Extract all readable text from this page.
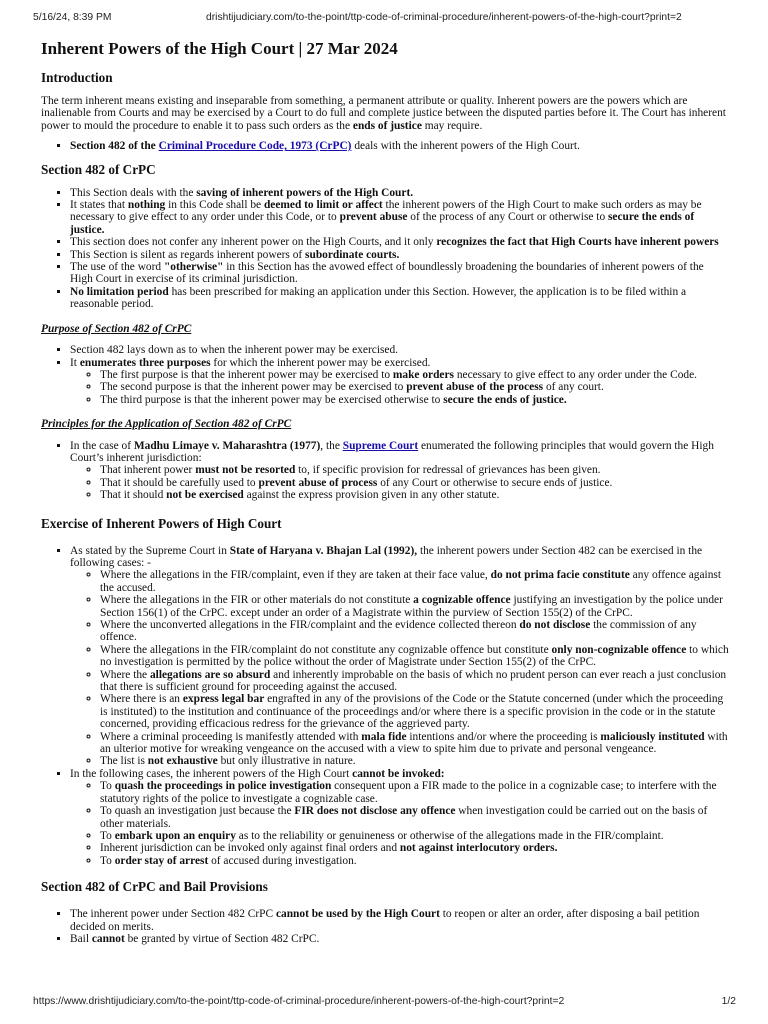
5/16/24, 8:39 PM	drishtijudiciary.com/to-the-point/ttp-code-of-criminal-procedure/inherent-powers-of-the-high-court?print=2
Inherent Powers of the High Court | 27 Mar 2024
Introduction

The term inherent means existing and inseparable from something, a permanent attribute or quality. Inherent powers are the powers which are inalienable from Courts and may be exercised by a Court to do full and complete justice between the disputed parties before it. The Court has inherent power to mould the procedure to enable it to pass such orders as the ends of justice may require.

▪ Section 482 of the Criminal Procedure Code, 1973 (CrPC) deals with the inherent powers of the High Court.
Section 482 of CrPC
▪ This Section deals with the saving of inherent powers of the High Court.
▪ It states that nothing in this Code shall be deemed to limit or affect the inherent powers of the High Court to make such orders as may be necessary to give effect to any order under this Code, or to prevent abuse of the process of any Court or otherwise to secure the ends of justice.
▪ This section does not confer any inherent power on the High Courts, and it only recognizes the fact that High Courts have inherent powers
▪ This Section is silent as regards inherent powers of subordinate courts.
▪ The use of the word "otherwise" in this Section has the avowed effect of boundlessly broadening the boundaries of inherent powers of the High Court in exercise of its criminal jurisdiction.
▪ No limitation period has been prescribed for making an application under this Section. However, the application is to be filed within a reasonable period.
Purpose of Section 482 of CrPC
▪ Section 482 lays down as to when the inherent power may be exercised.
▪ It enumerates three purposes for which the inherent power may be exercised.
◦ The first purpose is that the inherent power may be exercised to make orders necessary to give effect to any order under the Code.
◦ The second purpose is that the inherent power may be exercised to prevent abuse of the process of any court.
◦ The third purpose is that the inherent power may be exercised otherwise to secure the ends of justice.
Principles for the Application of Section 482 of CrPC
▪ In the case of Madhu Limaye v. Maharashtra (1977), the Supreme Court enumerated the following principles that would govern the High Court’s inherent jurisdiction:
◦ That inherent power must not be resorted to, if specific provision for redressal of grievances has been given.
◦ That it should be carefully used to prevent abuse of process of any Court or otherwise to secure ends of justice.
◦ That it should not be exercised against the express provision given in any other statute.
Exercise of Inherent Powers of High Court
▪ As stated by the Supreme Court in State of Haryana v. Bhajan Lal (1992), the inherent powers under Section 482 can be exercised in the following cases: -
◦ Where the allegations in the FIR/complaint, even if they are taken at their face value, do not prima facie constitute any offence against the accused.
◦ Where the allegations in the FIR or other materials do not constitute a cognizable offence justifying an investigation by the police under Section 156(1) of the CrPC. except under an order of a Magistrate within the purview of Section 155(2) of the CrPC.
◦ Where the unconverted allegations in the FIR/complaint and the evidence collected thereon do not disclose the commission of any offence.
◦ Where the allegations in the FIR/complaint do not constitute any cognizable offence but constitute only non-cognizable offence to which no investigation is permitted by the police without the order of Magistrate under Section 155(2) of the CrPC.
◦ Where the allegations are so absurd and inherently improbable on the basis of which no prudent person can ever reach a just conclusion that there is sufficient ground for proceeding against the accused.
◦ Where there is an express legal bar engrafted in any of the provisions of the Code or the Statute concerned (under which the proceeding is instituted) to the institution and continuance of the proceedings and/or where there is a specific provision in the code or in the statute concerned, providing efficacious redress for the grievance of the aggrieved party.
◦ Where a criminal proceeding is manifestly attended with mala fide intentions and/or where the proceeding is maliciously instituted with an ulterior motive for wreaking vengeance on the accused with a view to spite him due to private and personal vengeance.
◦ The list is not exhaustive but only illustrative in nature.
▪ In the following cases, the inherent powers of the High Court cannot be invoked:
◦ To quash the proceedings in police investigation consequent upon a FIR made to the police in a cognizable case; to interfere with the statutory rights of the police to investigate a cognizable case.
◦ To quash an investigation just because the FIR does not disclose any offence when investigation could be carried out on the basis of other materials.
◦ To embark upon an enquiry as to the reliability or genuineness or otherwise of the allegations made in the FIR/complaint.
◦ Inherent jurisdiction can be invoked only against final orders and not against interlocutory orders.
◦ To order stay of arrest of accused during investigation.
Section 482 of CrPC and Bail Provisions
▪ The inherent power under Section 482 CrPC cannot be used by the High Court to reopen or alter an order, after disposing a bail petition decided on merits.
▪ Bail cannot be granted by virtue of Section 482 CrPC.
https://www.drishtijudiciary.com/to-the-point/ttp-code-of-criminal-procedure/inherent-powers-of-the-high-court?print=2	1/2
